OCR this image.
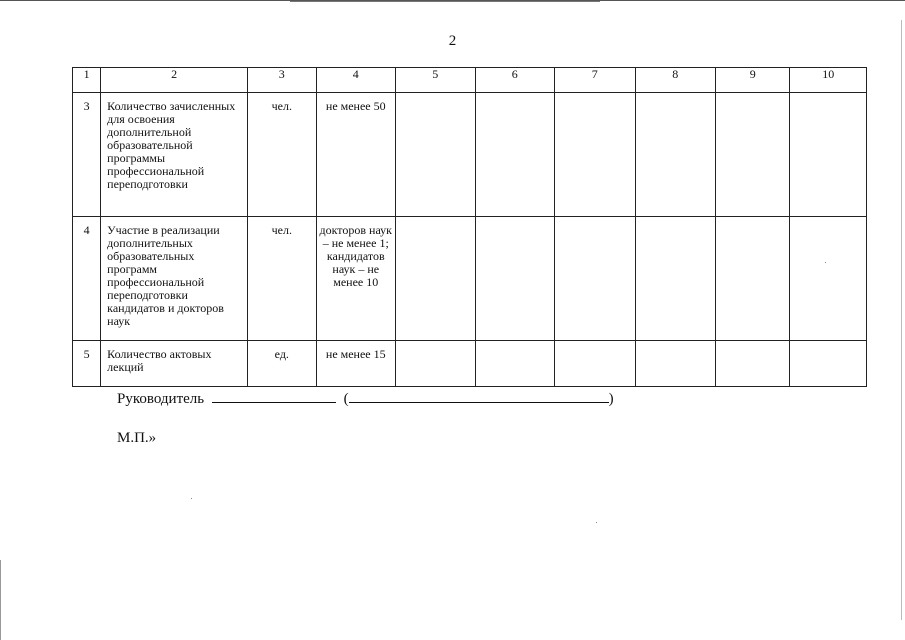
2
1	2	3	4	5	6	7	8	9	10
3	Количество зачисленных для освоения дополнительной образовательной программы профессиональной переподготовки	чел.	не менее 50						
4	Участие в реализации дополнительных образовательных программ профессиональной переподготовки кандидатов и докторов наук	чел.	докторов наук – не менее 1; кандидатов наук – не менее 10						
5	Количество актовых лекций	ед.	не менее 15						
Руководитель	(	)
М.П.»
